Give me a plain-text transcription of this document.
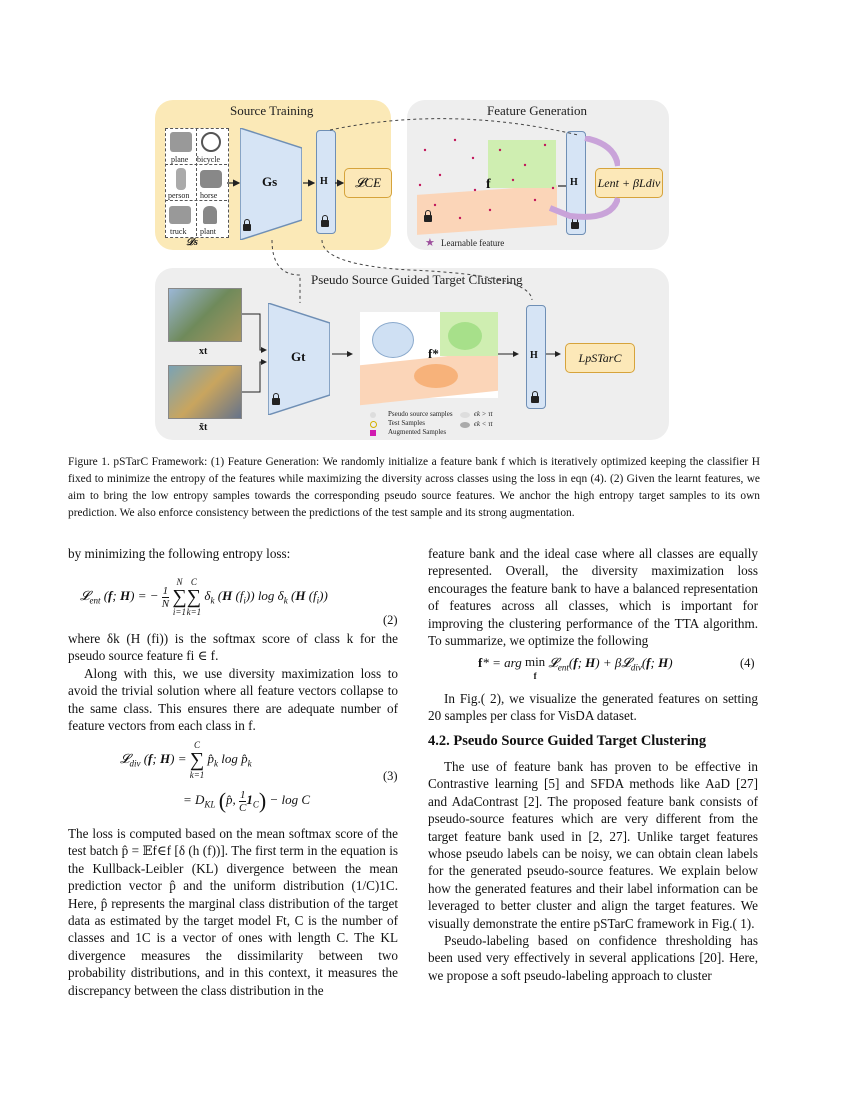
Source Training	Feature Generation
Pseudo Source Guided Target Clustering
plane bicycle
person horse
truck plant
𝒟s
Gs	H 𝓛CE	f
★ Learnable feature
H Lent + βLdiv
xt
x̃t
Gt	f*	H	LpSTarC
Pseudo source samples
Test Samples
Augmented Samples
ϵk > τt
ϵk < τt
Figure 1. pSTarC Framework: (1) Feature Generation: We randomly initialize a feature bank f which is iteratively optimized keeping the classifier H fixed to minimize the entropy of the features while maximizing the diversity across classes using the loss in eqn (4). (2) Given the learnt features, we aim to bring the low entropy samples towards the corresponding pseudo source features. We anchor the high entropy target samples to its own prediction. We also enforce consistency between the predictions of the test sample and its strong augmentation.

by minimizing the following entropy loss:

𝓛$_{ent}$ (f; H) = − 1
N N
∑
i=1C
∑
k=1 $\delta_k$ (H $(f_i)$) $\log \delta_k$ (H $(f_i)$)
(2)

where δk (H (fi)) is the softmax score of class k for the pseudo source feature fi ∈ f.

Along with this, we use diversity maximization loss to avoid the trivial solution where all feature vectors collapse to the same class. This ensures there are adequate number of feature vectors from each class in f.

𝓛$_{div}$ (f; H) = C
∑
k=1 $p̂_k$ $\log p̂_k$
= $D_{KL}$ (p̂, 1
$C1_C) - \log C$
(3)

The loss is computed based on the mean softmax score of the test batch p̂ = 𝔼f∈f [δ (h (f))]. The first term in the equation is the Kullback-Leibler (KL) divergence between the mean prediction vector p̂ and the uniform distribution (1/C)1C. Here, p̂ represents the marginal class distribution of the target data as estimated by the target model Ft, C is the number of classes and 1C is a vector of ones with length C. The KL divergence measures the dissimilarity between two probability distributions, and in this context, it measures the discrepancy between the class distribution in the

feature bank and the ideal case where all classes are equally represented. Overall, the diversity maximization loss encourages the feature bank to have a balanced representation of features across all classes, which is important for improving the clustering performance of the TTA algorithm. To summarize, we optimize the following

f* = arg min
f 𝓛$_{ent}$(f; H) + β𝓛$_{div}$(f; H)	(4)

In Fig.( 2), we visualize the generated features on setting 20 samples per class for VisDA dataset.

4.2. Pseudo Source Guided Target Clustering

The use of feature bank has proven to be effective in Contrastive learning [5] and SFDA methods like AaD [27] and AdaContrast [2]. The proposed feature bank consists of pseudo-source features which are very different from the target feature bank used in [2, 27]. Unlike target features whose pseudo labels can be noisy, we can obtain clean labels for the generated pseudo-source features. We explain below how the generated features and their label information can be leveraged to better cluster and align the target features. We visually demonstrate the entire pSTarC framework in Fig.( 1).

Pseudo-labeling based on confidence thresholding has been used very effectively in several applications [20]. Here, we propose a soft pseudo-labeling approach to cluster
